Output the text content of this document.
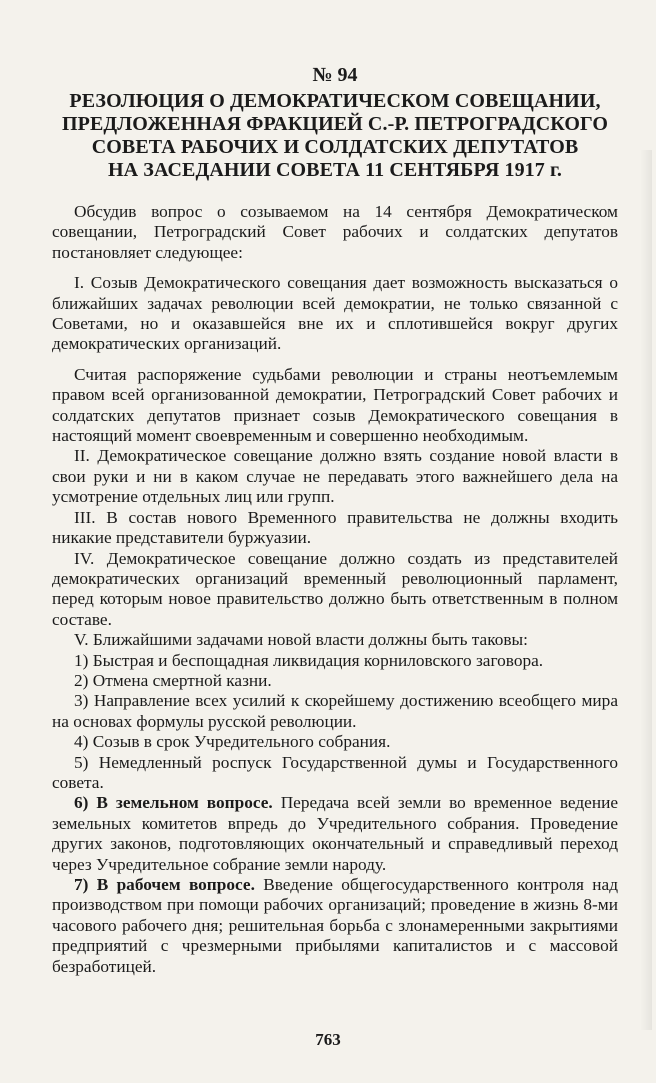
№ 94
РЕЗОЛЮЦИЯ О ДЕМОКРАТИЧЕСКОМ СОВЕЩАНИИ,
ПРЕДЛОЖЕННАЯ ФРАКЦИЕЙ С.-Р. ПЕТРОГРАДСКОГО
СОВЕТА РАБОЧИХ И СОЛДАТСКИХ ДЕПУТАТОВ
НА ЗАСЕДАНИИ СОВЕТА 11 СЕНТЯБРЯ 1917 г.

Обсудив вопрос о созываемом на 14 сентября Демократическом совещании, Петроградский Совет рабочих и солдатских депутатов постановляет следующее:

I. Созыв Демократического совещания дает возможность высказаться о ближайших задачах революции всей демократии, не только связанной с Советами, но и оказавшейся вне их и сплотившейся вокруг других демократических организаций.

Считая распоряжение судьбами революции и страны неотъемлемым правом всей организованной демократии, Петроградский Совет рабочих и солдатских депутатов признает созыв Демократического совещания в настоящий момент своевременным и совершенно необходимым.

II. Демократическое совещание должно взять создание новой власти в свои руки и ни в каком случае не передавать этого важнейшего дела на усмотрение отдельных лиц или групп.

III. В состав нового Временного правительства не должны входить никакие представители буржуазии.

IV. Демократическое совещание должно создать из представителей демократических организаций временный революционный парламент, перед которым новое правительство должно быть ответственным в полном составе.

V. Ближайшими задачами новой власти должны быть таковы:

1) Быстрая и беспощадная ликвидация корниловского заговора.

2) Отмена смертной казни.

3) Направление всех усилий к скорейшему достижению всеобщего мира на основах формулы русской революции.

4) Созыв в срок Учредительного собрания.

5) Немедленный роспуск Государственной думы и Государственного совета.

6) В земельном вопросе. Передача всей земли во временное ведение земельных комитетов впредь до Учредительного собрания. Проведение других законов, подготовляющих окончательный и справедливый переход через Учредительное собрание земли народу.

7) В рабочем вопросе. Введение общегосударственного контроля над производством при помощи рабочих организаций; проведение в жизнь 8-ми часового рабочего дня; решительная борьба с злонамеренными закрытиями предприятий с чрезмерными прибылями капиталистов и с массовой безработицей.

763
